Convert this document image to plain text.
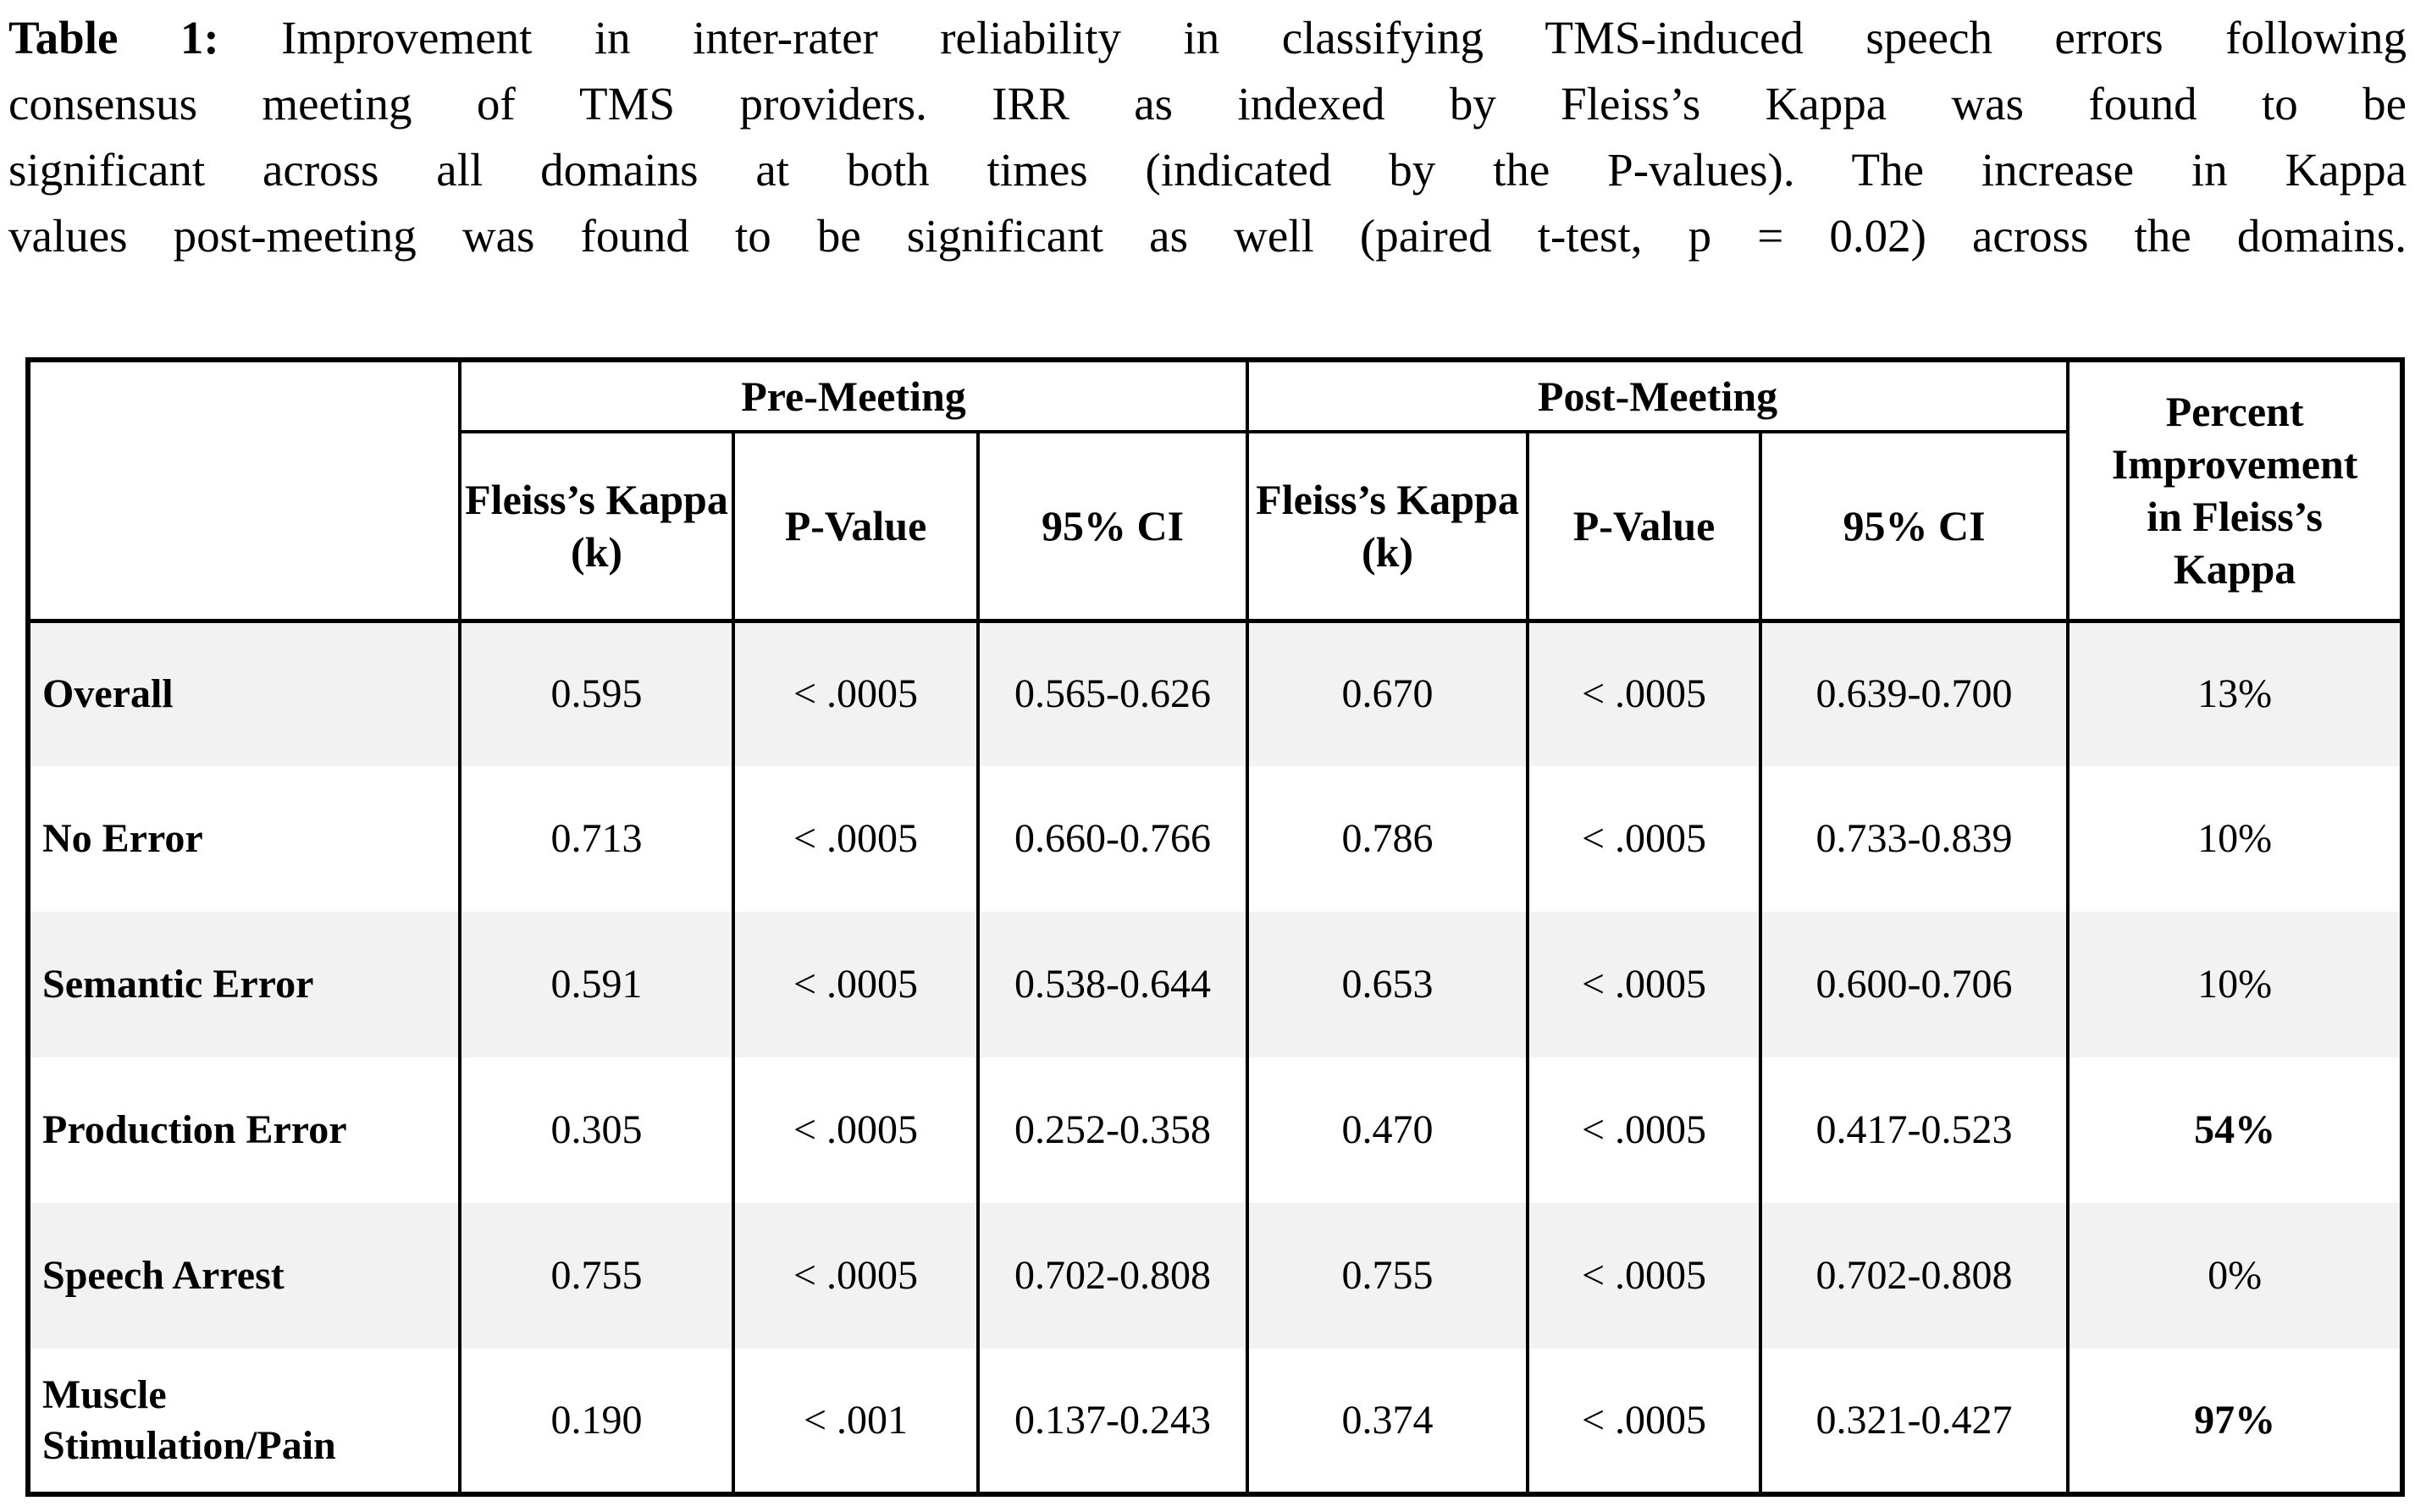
Table 1: Improvement in inter-rater reliability in classifying TMS-induced speech errors following
consensus meeting of TMS providers. IRR as indexed by Fleiss’s Kappa was found to be
significant across all domains at both times (indicated by the P-values). The increase in Kappa
values post-meeting was found to be significant as well (paired t-test, p = 0.02) across the domains.
	Pre-Meeting			Post-Meeting			Percent Improvement in Fleiss’s Kappa
	Fleiss’s Kappa (k)	P-Value	95% CI	Fleiss’s Kappa (k)	P-Value	95% CI	
Overall	0.595	< .0005	0.565-0.626	0.670	< .0005	0.639-0.700	13%
No Error	0.713	< .0005	0.660-0.766	0.786	< .0005	0.733-0.839	10%
Semantic Error	0.591	< .0005	0.538-0.644	0.653	< .0005	0.600-0.706	10%
Production Error	0.305	< .0005	0.252-0.358	0.470	< .0005	0.417-0.523	54%
Speech Arrest	0.755	< .0005	0.702-0.808	0.755	< .0005	0.702-0.808	0%
Muscle Stimulation/Pain	0.190	< .001	0.137-0.243	0.374	< .0005	0.321-0.427	97%
